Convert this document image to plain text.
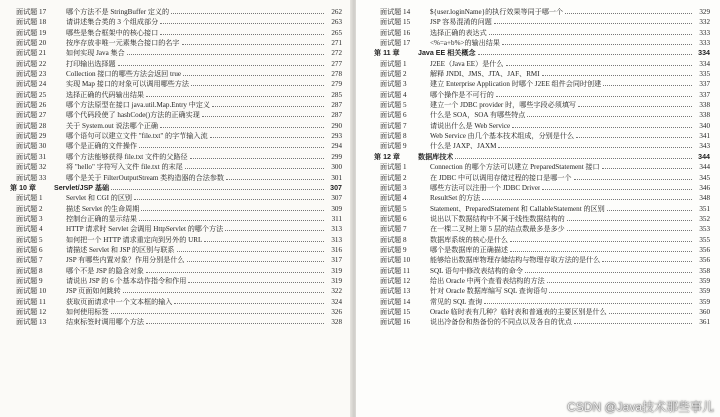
面试题 17	哪个方法不是 StringBuffer 定义的	262
面试题 18	请讲述集合类的 3 个组成部分	263
面试题 19	哪些是集合框架中的核心接口	265
面试题 20	按序存放非唯一元素集合接口的名字	271
面试题 21	如何实现 Java 集合	272
面试题 22	打印输出选择题	277
面试题 23	Collection 接口的哪些方法会返回 true	278
面试题 24	实现 Map 接口的对象可以调用哪些方法	279
面试题 25	选择正确的代码输出结果	285
面试题 26	哪个方法原型在接口 java.util.Map.Entry 中定义	287
面试题 27	哪个代码段使了 hashCode()方法的正确实现	287
面试题 28	关于 System.out 说法哪个正确	290
面试题 29	哪个语句可以建立文件 "file.txt" 的字节输入流	293
面试题 30	哪个是正确的文件操作	294
面试题 31	哪个方法能够获得 file.txt 文件的父路径	299
面试题 32	将 "hello" 字符写入文件 file.txt 的末尾	300
面试题 33	哪个是关于 FilterOutputStream 类构造器的合法参数	301
第 10 章	Servlet/JSP 基础	307
面试题 1	Servlet 和 CGI 的区别	307
面试题 2	描述 Servlet 的生命周期	309
面试题 3	控制台正确的显示结果	311
面试题 4	HTTP 请求时 Servlet 会调用 HttpServlet 的哪个方法	313
面试题 5	如何把一个 HTTP 请求重定向到另外的 URL	313
面试题 6	请描述 Servlet 和 JSP 的区别与联系	316
面试题 7	JSP 有哪些内置对象？作用分别是什么	317
面试题 8	哪个不是 JSP 的隐含对象	319
面试题 9	请说出 JSP 的 6 个基本动作指令和作用	319
面试题 10	JSP 页面如何跳转	322
面试题 11	获取页面请求中一个文本框的输入	324
面试题 12	如何使用标签	326
面试题 13	结束标签时调用哪个方法	328
面试题 14	${user.loginName}的执行效果等同于哪一个	329
面试题 15	JSP 容易混淆的问题	332
面试题 16	选择正确的表达式	333
面试题 17	<%=a+b%>的输出结果	333
第 11 章	Java EE 相关概念	334
面试题 1	J2EE（Java EE）是什么	334
面试题 2	解释 JNDI、JMS、JTA、JAF、RMI	335
面试题 3	建立 Enterprise Application 时哪个 J2EE 组件会同时创建	337
面试题 4	哪个操作是不可行的	337
面试题 5	建立一个 JDBC provider 时，哪些字段必须填写	338
面试题 6	什么是 SOA，SOA 有哪些特点	338
面试题 7	请说出什么是 Web Service	340
面试题 8	Web Service 由几个基本技术组成，分别是什么	341
面试题 9	什么是 JAXP、JAXM	343
第 12 章	数据库技术	344
面试题 1	Connection 的哪个方法可以建立 PreparedStatement 接口	344
面试题 2	在 JDBC 中可以调用存储过程的接口是哪一个	345
面试题 3	哪些方法可以注册一个 JDBC Driver	346
面试题 4	ResultSet 的方法	348
面试题 5	Statement、PreparedStatement 和 CallableStatement 的区别	351
面试题 6	说出以下数据结构中不属于线性数据结构的	352
面试题 7	在一棵二叉树上第 5 层的结点数最多是多少	353
面试题 8	数据库系统的核心是什么	355
面试题 9	哪个是数据库的正确描述	356
面试题 10	能够给出数据库物理存储结构与物理存取方法的是什么	356
面试题 11	SQL 语句中修改表结构的命令	358
面试题 12	给出 Oracle 中两个查看表结构的方法	359
面试题 13	针对 Oracle 数据库编写 SQL 查询语句	359
面试题 14	常见的 SQL 查询	359
面试题 15	Oracle 临时表有几种？临时表和普通表的主要区别是什么	360
面试题 16	说出冷备份和热备份的不同点以及各自的优点	361
CSDN @Java技术那些事儿
